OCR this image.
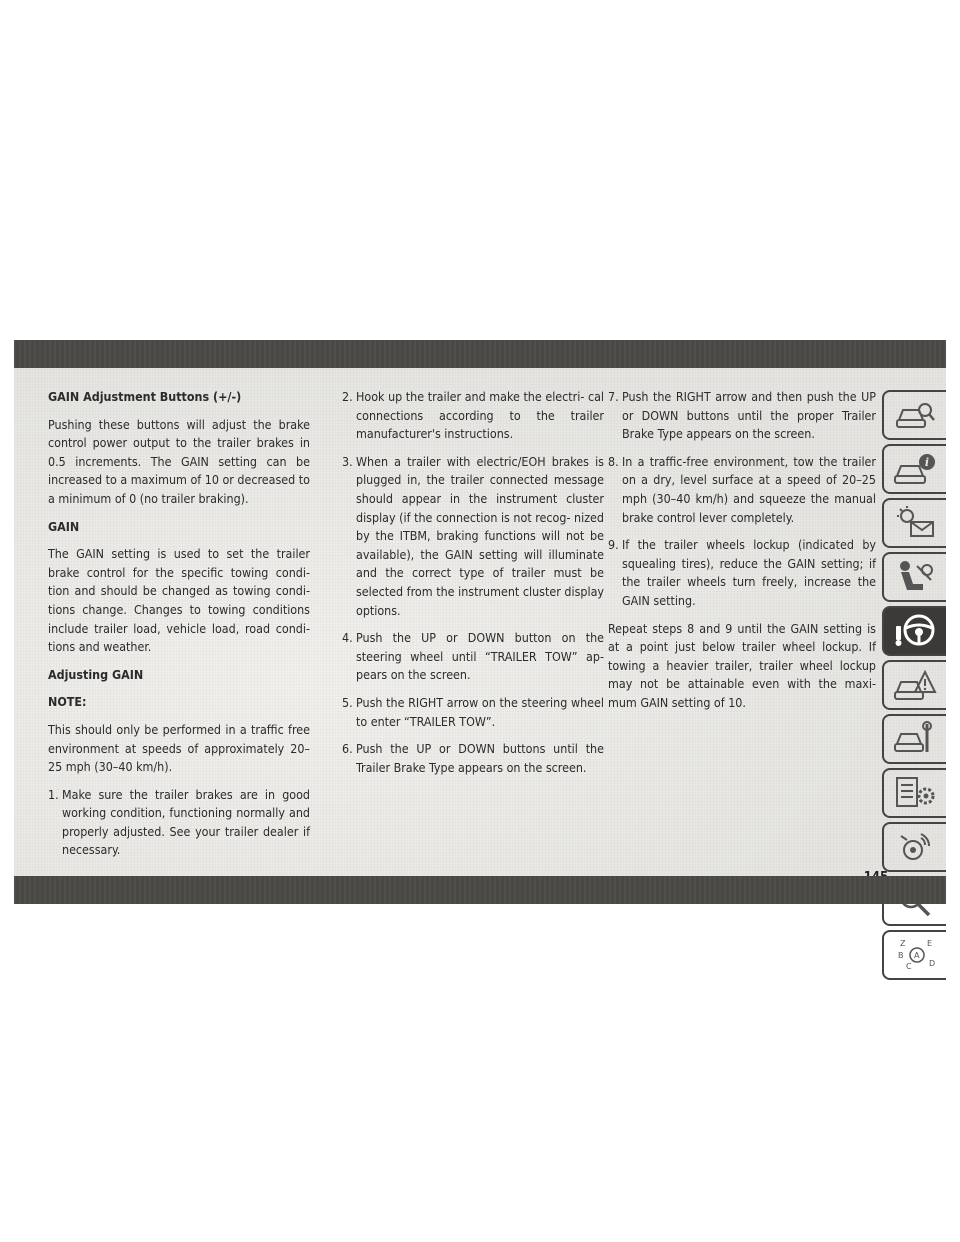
GAIN Adjustment Buttons (+/-)

Pushing these buttons will adjust the brake control power output to the trailer brakes in 0.5 increments. The GAIN setting can be increased to a maximum of 10 or decreased to a minimum of 0 (no trailer braking).

GAIN

The GAIN setting is used to set the trailer brake control for the specific towing condi- tion and should be changed as towing condi- tions change. Changes to towing conditions include trailer load, vehicle load, road condi- tions and weather.

Adjusting GAIN

NOTE:

This should only be performed in a traffic free environment at speeds of approximately 20– 25 mph (30–40 km/h).

1. Make sure the trailer brakes are in good working condition, functioning normally and properly adjusted. See your trailer dealer if necessary.
2. Hook up the trailer and make the electri- cal connections according to the trailer manufacturer's instructions.
3. When a trailer with electric/EOH brakes is plugged in, the trailer connected message should appear in the instrument cluster display (if the connection is not recog- nized by the ITBM, braking functions will not be available), the GAIN setting will illuminate and the correct type of trailer must be selected from the instrument cluster display options.
4. Push the UP or DOWN button on the steering wheel until “TRAILER TOW” ap- pears on the screen.
5. Push the RIGHT arrow on the steering wheel to enter “TRAILER TOW”.
6. Push the UP or DOWN buttons until the Trailer Brake Type appears on the screen.
7. Push the RIGHT arrow and then push the UP or DOWN buttons until the proper Trailer Brake Type appears on the screen.
8. In a traffic-free environment, tow the trailer on a dry, level surface at a speed of 20–25 mph (30–40 km/h) and squeeze the manual brake control lever completely.
9. If the trailer wheels lockup (indicated by squealing tires), reduce the GAIN setting; if the trailer wheels turn freely, increase the GAIN setting.

Repeat steps 8 and 9 until the GAIN setting is at a point just below trailer wheel lockup. If towing a heavier trailer, trailer wheel lockup may not be attainable even with the maxi- mum GAIN setting of 10.

i
Z	E
B A
C D
